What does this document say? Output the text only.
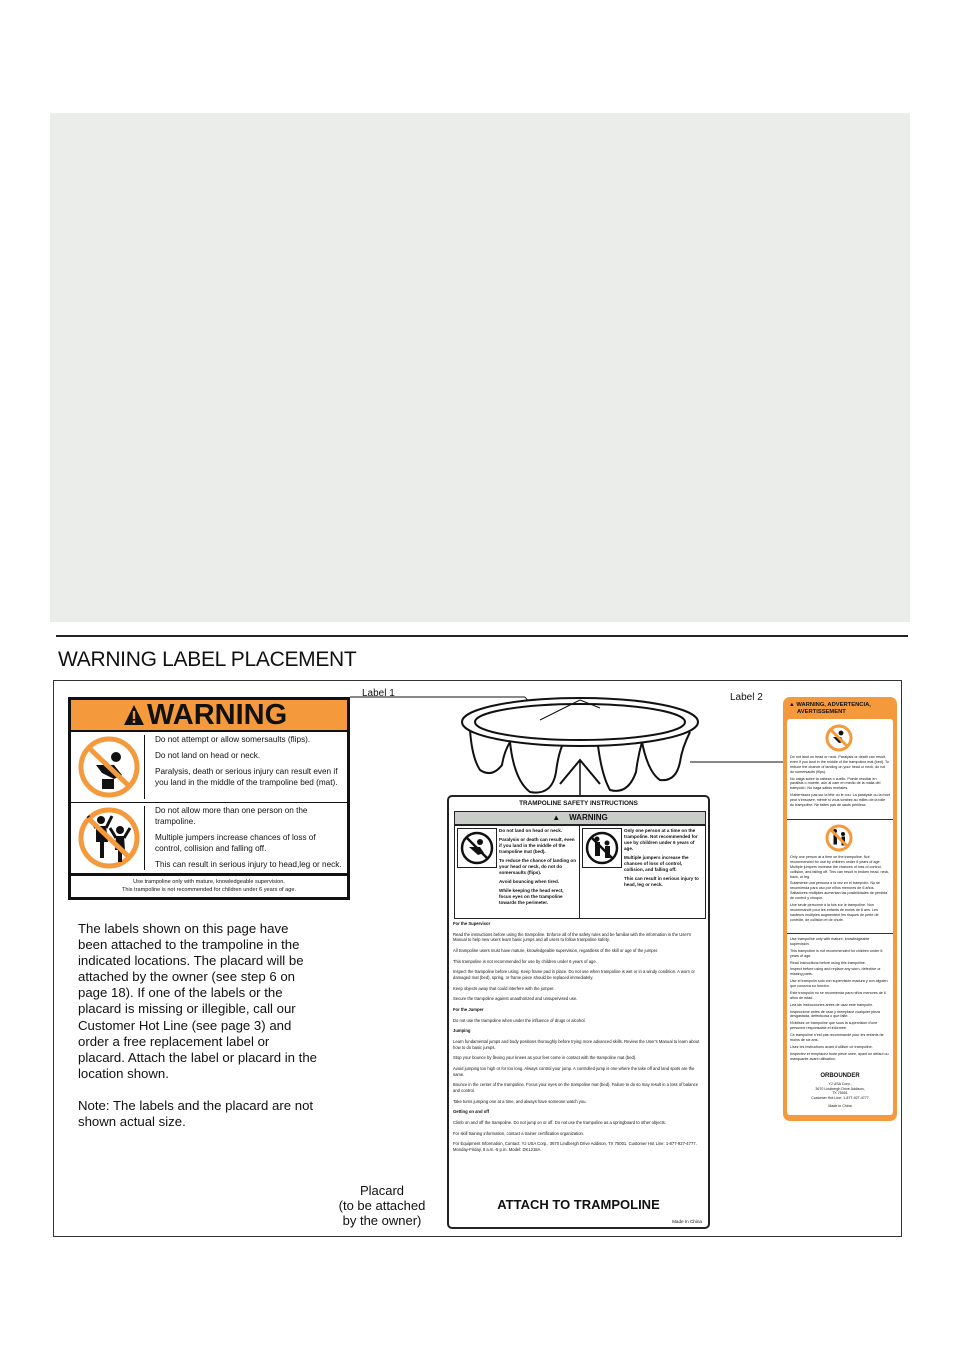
WARNING LABEL PLACEMENT
WARNING

Do not attempt or allow somersaults (flips).

Do not land on head or neck.

Paralysis, death or serious injury can result even if you land in the middle of the trampoline bed (mat).

Do not allow more than one person on the trampoline.

Multiple jumpers increase chances of loss of control, collision and falling off.

This can result in serious injury to head,leg or neck.

Use trampoline only with mature, knowledgeable supervision.
This trampoline is not recommended for children under 6 years of age.

The labels shown on this page have been attached to the trampoline in the indicated locations. The placard will be attached by the owner (see step 6 on page 18). If one of the labels or the placard is missing or illegible, call our Customer Hot Line (see page 3) and order a free replacement label or placard. Attach the label or placard in the location shown.

Note: The labels and the placard are not shown actual size.

Label 1	Label 2
TRAMPOLINE SAFETY INSTRUCTIONS
▲    WARNING

Do not land on head or neck.

Paralysis or death can result, even if you land in the middle of the trampoline mat (bed).

To reduce the chance of landing on your head or neck, do not do somersaults (flips).

Avoid bouncing when tired.

While keeping the head erect, focus eyes on the trampoline towards the perimeter.

Only one person at a time on the trampoline. Not recommended for use by children under 6 years of age.

Multiple jumpers increase the chances of loss of control, collision, and falling off.

This can result in serious injury to head, leg or neck.

For the Supervisor

Read the instructions before using the trampoline. Enforce all of the safety rules and be familiar with the information in the User's Manual to help new users learn basic jumps and all users to follow trampoline safety.

All trampoline users must have mature, knowledgeable supervision, regardless of the skill or age of the jumper.

This trampoline is not recommended for use by children under 6 years of age.

Inspect the trampoline before using. Keep frame pad in place. Do not use when trampoline is wet or in a windy condition. A worn or damaged mat (bed), spring, or frame piece should be replaced immediately.

Keep objects away that could interfere with the jumper.

Secure the trampoline against unauthorized and unsupervised use.

For the Jumper

Do not use the trampoline when under the influence of drugs or alcohol.

Jumping

Learn fundamental jumps and body positions thoroughly before trying more advanced skills. Review the User's Manual to learn about how to do basic jumps.

Stop your bounce by flexing your knees as your feet come in contact with the trampoline mat (bed).

Avoid jumping too high or for too long. Always control your jump. A controlled jump is one where the take off and land spots are the same.

Bounce in the center of the trampoline. Focus your eyes on the trampoline mat (bed). Failure to do so may result in a loss of balance and control.

Take turns jumping one at a time, and always have someone watch you.

Getting on and off

Climb on and off the trampoline. Do not jump on or off. Do not use the trampoline as a springboard to other objects.

For skill training information, contact a trainer certification organization.

For Equipment Information, Contact: YJ USA Corp., 3670 Lindbergh Drive Addison, TX 75001. Customer Hot Line: 1-877-927-4777. Monday-Friday, 8 a.m.-5 p.m. Model: DK1218A

ATTACH TO TRAMPOLINE
Made In China
Placard
(to be attached
by the owner)
▲ WARNING, ADVERTENCIA,
AVERTISSEMENT

Do not land on head or neck. Paralysis or death can result, even if you land in the middle of the trampoline mat (bed). To reduce the chance of landing on your head or neck, do not do somersaults (flips).

No caiga sobre la cabeza o cuello. Puede resultar en parálisis o muerte, aún al caer en medio de la malla del trampolín. No haga saltos mortales.

N'atterrissez pas sur la tête ou le cou. La paralysie ou la mort peut s'ensuivre, même si vous tombez au milieu de la toile du trampoline. Ne faites pas de sauts périlleux.

Only one person at a time on the trampoline. Not recommended for use by children under 6 years of age. Multiple jumpers increase the chances of loss of control, collision, and falling off. This can result in broken head, neck, back, or leg.

Solamente una persona a la vez en el trampolín. No se recomienda para uso por niños menores de 6 años. Saltadores múltiples aumentan las posibilidades de pérdida de control y choque.

Une seule personne à la fois sur le trampoline. Non recommandé pour les enfants de moins de 6 ans. Les sauteurs multiples augmentent les risques de perte de contrôle, de collision et de chute.

Use trampoline only with mature, knowledgeable supervision.

This trampoline is not recommended for children under 6 years of age.

Read instructions before using this trampoline.

Inspect before using and replace any worn, defective or missing parts.

Use el trampolín solo con supervisión madura y con alguien que conozca su función.

Este trampolín no se recomienda para niños menores de 6 años de edad.

Lea las instrucciones antes de usar este trampolín.

Inspeccione antes de usar y reemplace cualquier pieza desgastada, defectuosa o que falte.

N'utilisez ce trampoline que sous la supervision d'une personne responsable et informée.

Ce trampoline n'est pas recommandé pour les enfants de moins de six ans.

Lisez les instructions avant d'utiliser ce trampoline.

Inspectez et remplacez toute pièce usée, ayant un défaut ou manquante avant utilisation.

ORBOUNDER
YJ USA Corp.,
3670 Lindbergh Drive Addison,
TX 75001
Customer Hot Line: 1-877-927-4777
Made in China
